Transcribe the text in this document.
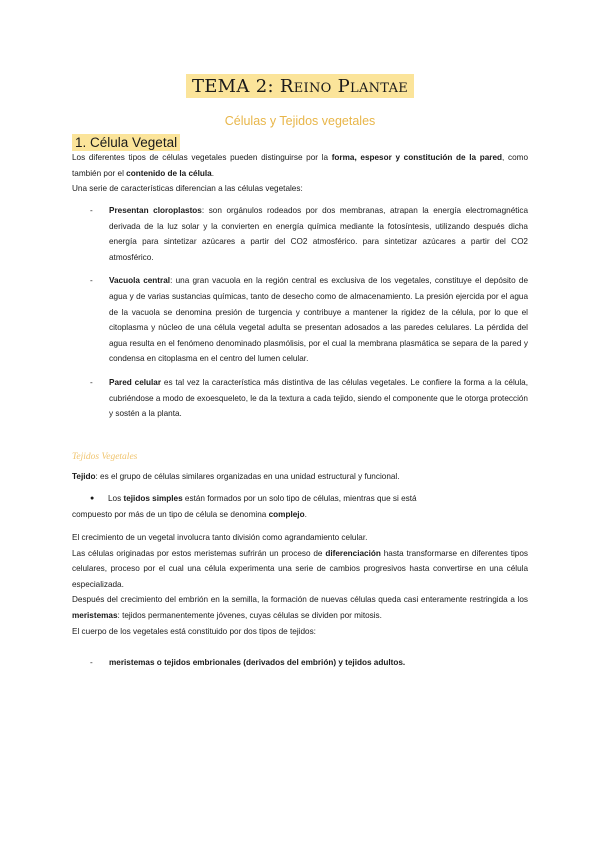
TEMA 2: Reino Plantae
Células y Tejidos vegetales
1. Célula Vegetal

Los diferentes tipos de células vegetales pueden distinguirse por la forma, espesor y constitución de la pared, como también por el contenido de la célula.

Una serie de características diferencian a las células vegetales:

- Presentan cloroplastos: son orgánulos rodeados por dos membranas, atrapan la energía electromagnética derivada de la luz solar y la convierten en energía química mediante la fotosíntesis, utilizando después dicha energía para sintetizar azúcares a partir del CO2 atmosférico. para sintetizar azúcares a partir del CO2 atmosférico.

- Vacuola central: una gran vacuola en la región central es exclusiva de los vegetales, constituye el depósito de agua y de varias sustancias químicas, tanto de desecho como de almacenamiento. La presión ejercida por el agua de la vacuola se denomina presión de turgencia y contribuye a mantener la rigidez de la célula, por lo que el citoplasma y núcleo de una célula vegetal adulta se presentan adosados a las paredes celulares. La pérdida del agua resulta en el fenómeno denominado plasmólisis, por el cual la membrana plasmática se separa de la pared y condensa en citoplasma en el centro del lumen celular.

- Pared celular es tal vez la característica más distintiva de las células vegetales. Le confiere la forma a la célula, cubriéndose a modo de exoesqueleto, le da la textura a cada tejido, siendo el componente que le otorga protección y sostén a la planta.

Tejidos Vegetales

Tejido: es el grupo de células similares organizadas en una unidad estructural y funcional.

● Los tejidos simples están formados por un solo tipo de células, mientras que si está

compuesto por más de un tipo de célula se denomina complejo.

El crecimiento de un vegetal involucra tanto división como agrandamiento celular.

Las células originadas por estos meristemas sufrirán un proceso de diferenciación hasta transformarse en diferentes tipos celulares, proceso por el cual una célula experimenta una serie de cambios progresivos hasta convertirse en una célula especializada.

Después del crecimiento del embrión en la semilla, la formación de nuevas células queda casi enteramente restringida a los meristemas: tejidos permanentemente jóvenes, cuyas células se dividen por mitosis.

El cuerpo de los vegetales está constituido por dos tipos de tejidos:

- meristemas o tejidos embrionales (derivados del embrión) y tejidos adultos.
